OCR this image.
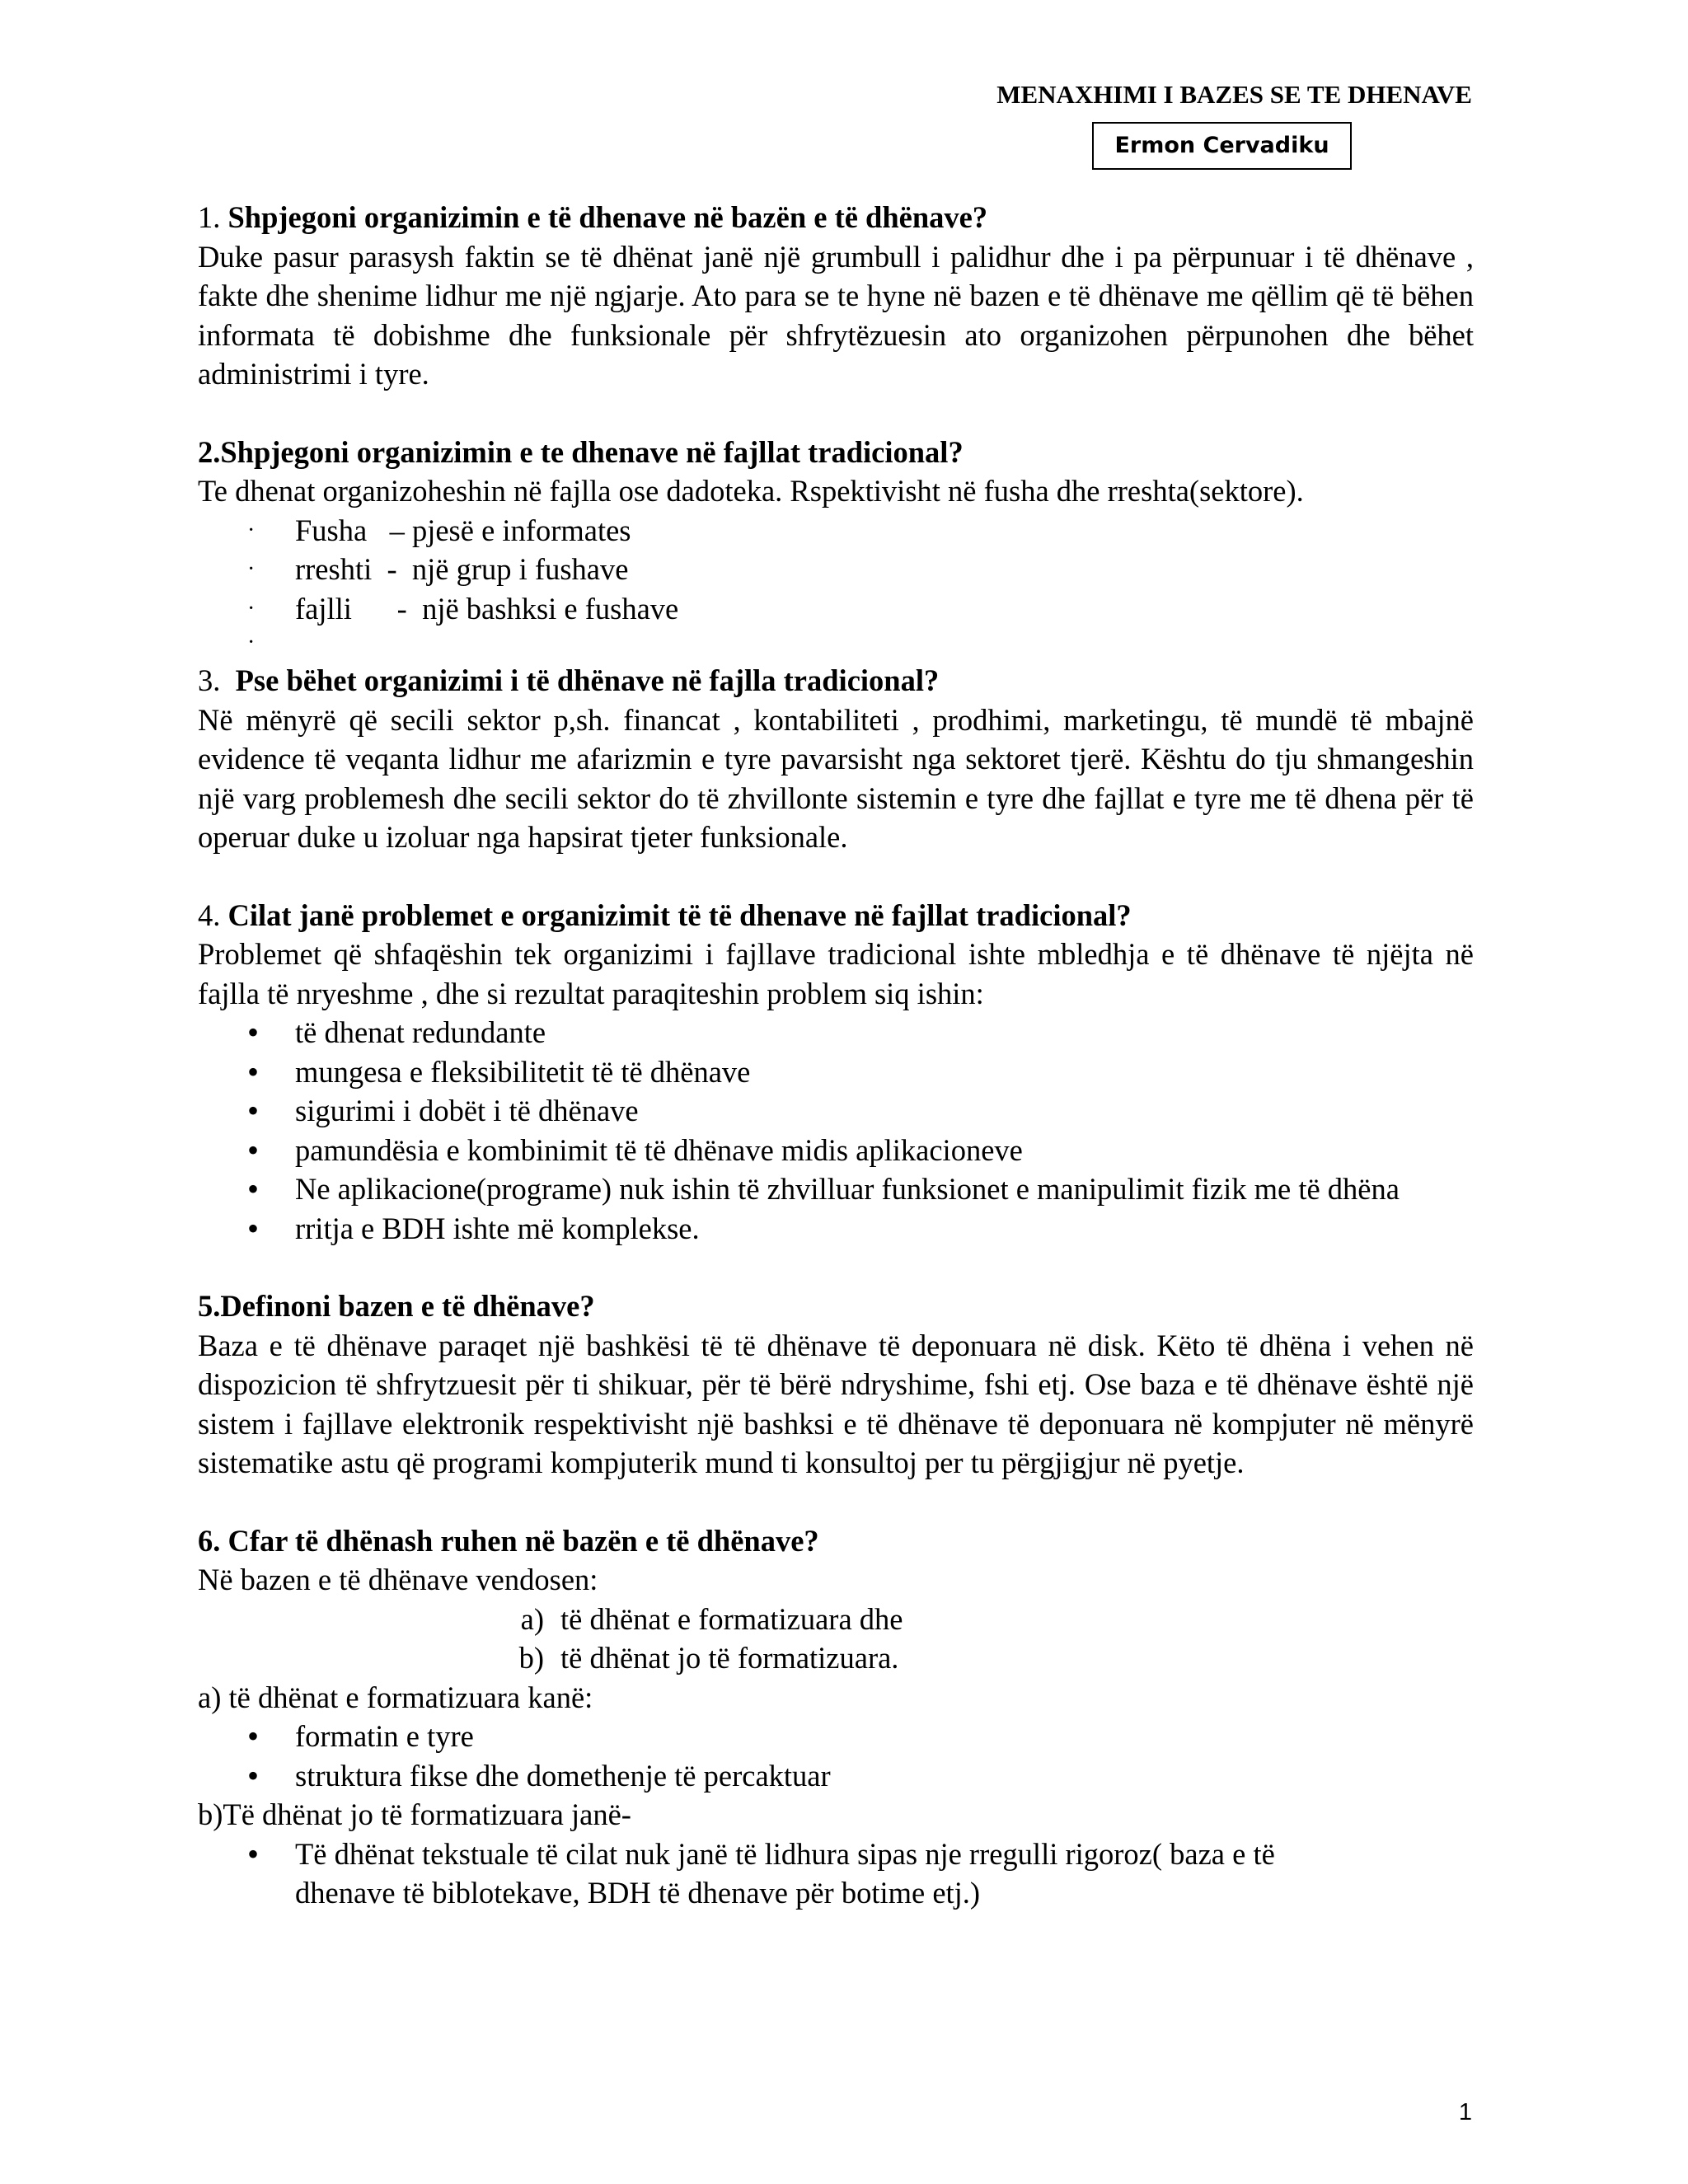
MENAXHIMI I BAZES SE TE DHENAVE
Ermon Cervadiku

1. Shpjegoni organizimin e të dhenave në bazën e të dhënave?

Duke pasur parasysh faktin se të dhënat janë një grumbull i palidhur dhe i pa përpunuar i të dhënave , fakte dhe shenime lidhur me një ngjarje. Ato para se te hyne në bazen e të dhënave me qëllim që të bëhen informata të dobishme dhe funksionale për shfrytëzuesin ato organizohen përpunohen dhe bëhet administrimi i tyre.

2.Shpjegoni organizimin e te dhenave në fajllat tradicional?

Te dhenat organizoheshin në fajlla ose dadoteka. Rspektivisht në fusha dhe rreshta(sektore).

·	Fusha   – pjesë e informates
·	rreshti  -  një grup i fushave
·	fajlli      -  një bashksi e fushave
·

3.  Pse bëhet organizimi i të dhënave në fajlla tradicional?

Në mënyrë që secili sektor p,sh. financat , kontabiliteti , prodhimi, marketingu, të mundë të mbajnë evidence të veqanta lidhur me afarizmin e tyre pavarsisht nga sektoret tjerë. Kështu do tju shmangeshin një varg problemesh dhe secili sektor do të zhvillonte sistemin e tyre dhe fajllat e tyre me të dhena për të operuar duke u izoluar nga hapsirat tjeter funksionale.

4. Cilat janë problemet e organizimit të të dhenave në fajllat tradicional?

Problemet që shfaqëshin tek organizimi i fajllave tradicional ishte mbledhja e të dhënave të njëjta në fajlla të nryeshme , dhe si rezultat paraqiteshin problem siq ishin:

•	të dhenat redundante
•	mungesa e fleksibilitetit të të dhënave
•	sigurimi i dobët i të dhënave
•	pamundësia e kombinimit të të dhënave midis aplikacioneve
•	Ne aplikacione(programe) nuk ishin të zhvilluar funksionet e manipulimit fizik me të dhëna
•	rritja e BDH ishte më komplekse.

5.Definoni bazen e të dhënave?

Baza e të dhënave paraqet një bashkësi të të dhënave të deponuara në disk. Këto të dhëna i vehen në dispozicion të shfrytzuesit për ti shikuar, për të bërë ndryshime, fshi etj. Ose baza e të dhënave është një sistem i fajllave elektronik respektivisht një bashksi e të dhënave të deponuara në kompjuter në mënyrë sistematike astu që programi kompjuterik mund ti konsultoj per tu përgjigjur në pyetje.

6. Cfar të dhënash ruhen në bazën e të dhënave?

Në bazen e të dhënave vendosen:

a) të dhënat e formatizuara dhe
b) të dhënat jo të formatizuara.

a) të dhënat e formatizuara kanë:

•	formatin e tyre
•	struktura fikse dhe domethenje të percaktuar

b)Të dhënat jo të formatizuara janë-

•	Të dhënat tekstuale të cilat nuk janë të lidhura sipas nje rregulli rigoroz( baza e të dhenave të biblotekave, BDH të dhenave për botime etj.)
1
